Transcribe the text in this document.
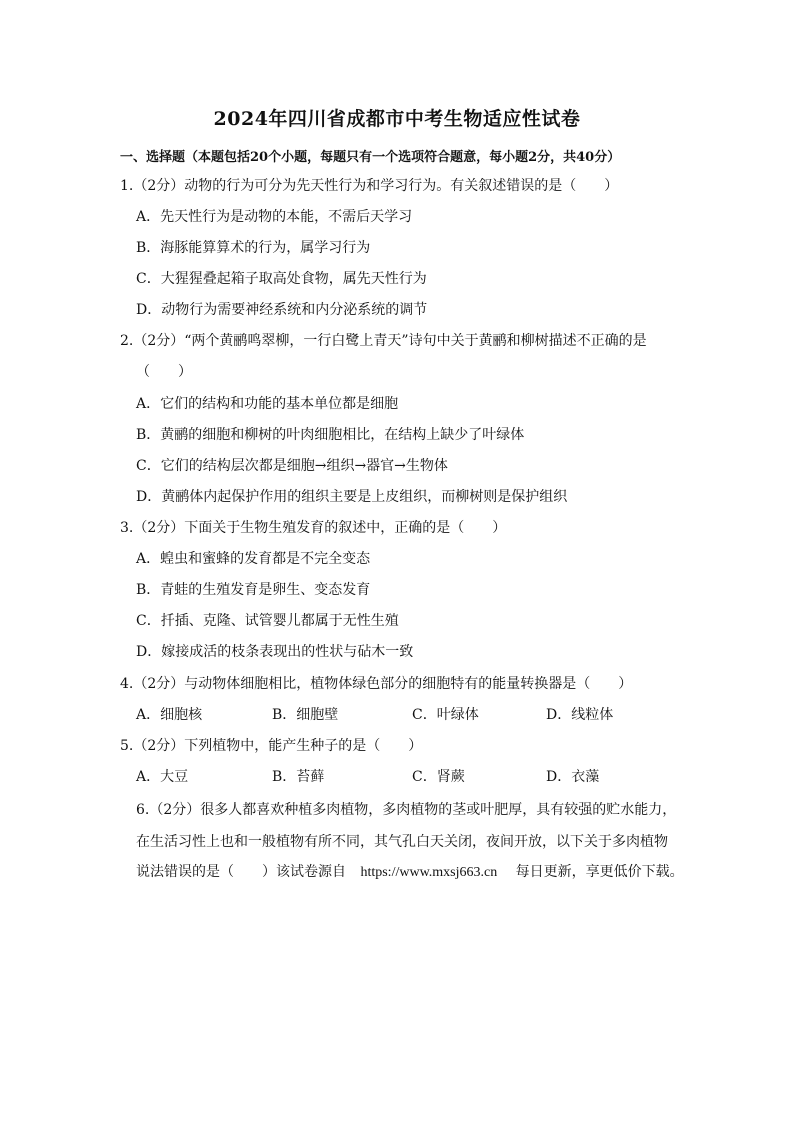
2024年四川省成都市中考生物适应性试卷
一、选择题（本题包括20个小题，每题只有一个选项符合题意，每小题2分，共40分）
1.（2分）动物的行为可分为先天性行为和学习行为。有关叙述错误的是（　　）
A．先天性行为是动物的本能，不需后天学习
B．海豚能算算术的行为，属学习行为
C．大猩猩叠起箱子取高处食物，属先天性行为
D．动物行为需要神经系统和内分泌系统的调节
2.（2分）“两个黄鹂鸣翠柳，一行白鹭上青天”诗句中关于黄鹂和柳树描述不正确的是
（　　）
A．它们的结构和功能的基本单位都是细胞
B．黄鹂的细胞和柳树的叶肉细胞相比，在结构上缺少了叶绿体
C．它们的结构层次都是细胞→组织→器官→生物体
D．黄鹂体内起保护作用的组织主要是上皮组织，而柳树则是保护组织
3.（2分）下面关于生物生殖发育的叙述中，正确的是（　　）
A．蝗虫和蜜蜂的发育都是不完全变态
B．青蛙的生殖发育是卵生、变态发育
C．扦插、克隆、试管婴儿都属于无性生殖
D．嫁接成活的枝条表现出的性状与砧木一致
4.（2分）与动物体细胞相比，植物体绿色部分的细胞特有的能量转换器是（　　）
A．细胞核	B．细胞壁	C．叶绿体	D．线粒体
5.（2分）下列植物中，能产生种子的是（　　）
A．大豆	B．苔藓	C．肾蕨	D．衣藻
6.（2分）很多人都喜欢种植多肉植物，多肉植物的茎或叶肥厚，具有较强的贮水能力，
在生活习性上也和一般植物有所不同，其气孔白天关闭，夜间开放，以下关于多肉植物
说法错误的是（　　）该试卷源自 https://www.mxsj663.cn 每日更新，享更低价下载。
